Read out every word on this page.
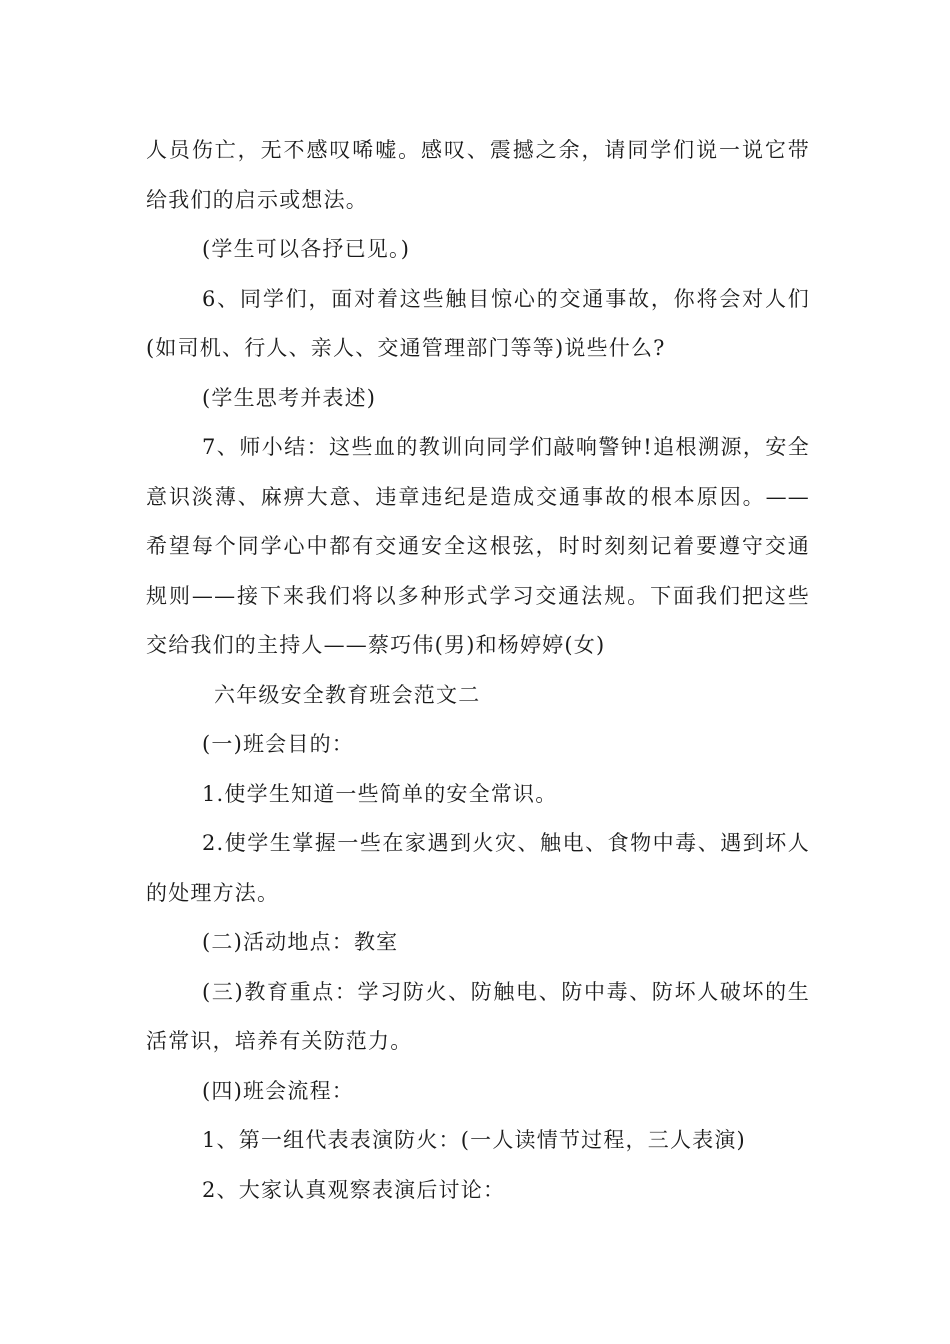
人员伤亡，无不感叹唏嘘。感叹、震撼之余，请同学们说一说它带
给我们的启示或想法。
(学生可以各抒已见。)
6、同学们，面对着这些触目惊心的交通事故，你将会对人们
(如司机、行人、亲人、交通管理部门等等)说些什么?
(学生思考并表述)
7、师小结：这些血的教训向同学们敲响警钟!追根溯源，安全
意识淡薄、麻痹大意、违章违纪是造成交通事故的根本原因。——
希望每个同学心中都有交通安全这根弦，时时刻刻记着要遵守交通
规则——接下来我们将以多种形式学习交通法规。下面我们把这些
交给我们的主持人——蔡巧伟(男)和杨婷婷(女)
六年级安全教育班会范文二
(一)班会目的：
1.使学生知道一些简单的安全常识。
2.使学生掌握一些在家遇到火灾、触电、食物中毒、遇到坏人
的处理方法。
(二)活动地点：教室
(三)教育重点：学习防火、防触电、防中毒、防坏人破坏的生
活常识，培养有关防范力。
(四)班会流程：
1、第一组代表表演防火：(一人读情节过程，三人表演)
2、大家认真观察表演后讨论：
